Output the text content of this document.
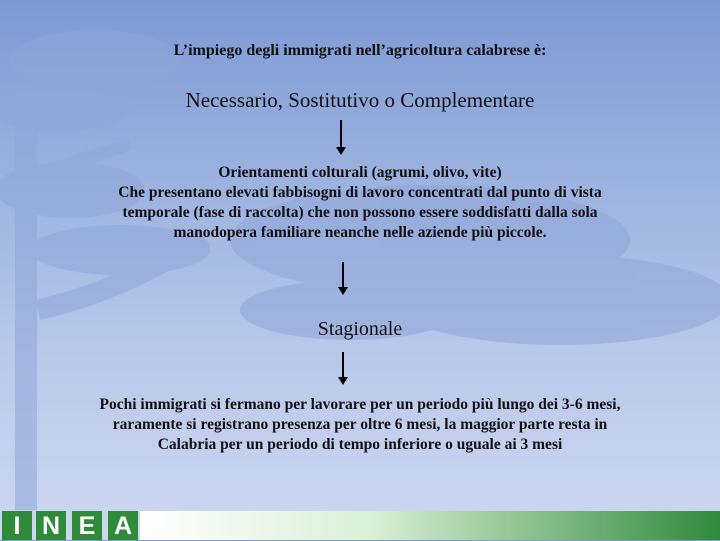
L’impiego degli immigrati nell’agricoltura calabrese è:
Necessario, Sostitutivo o Complementare
Orientamenti colturali (agrumi, olivo, vite)
Che presentano elevati fabbisogni di lavoro concentrati dal punto di vista
temporale (fase di raccolta) che non possono essere soddisfatti dalla sola
manodopera familiare neanche nelle aziende più piccole.
Stagionale
Pochi immigrati si fermano per lavorare per un periodo più lungo dei 3-6 mesi,
raramente si registrano presenza per oltre 6 mesi, la maggior parte resta in
Calabria per un periodo di tempo inferiore o uguale ai 3 mesi
I N E A
